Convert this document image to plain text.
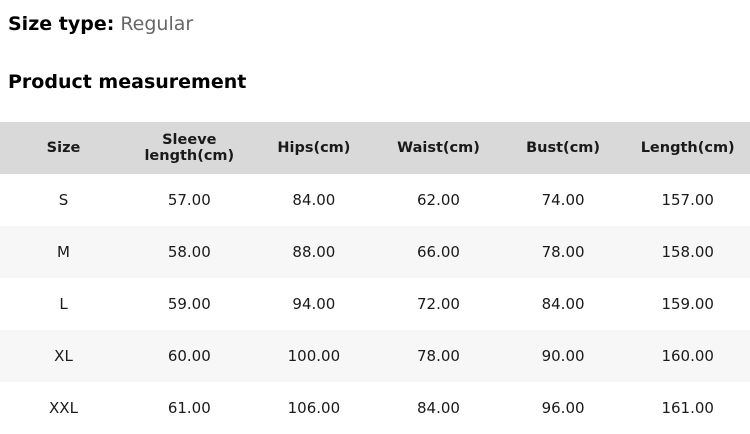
Size type: Regular
Product measurement
Size	Sleeve length(cm)	Hips(cm)	Waist(cm)	Bust(cm)	Length(cm)
S	57.00	84.00	62.00	74.00	157.00
M	58.00	88.00	66.00	78.00	158.00
L	59.00	94.00	72.00	84.00	159.00
XL	60.00	100.00	78.00	90.00	160.00
XXL	61.00	106.00	84.00	96.00	161.00
